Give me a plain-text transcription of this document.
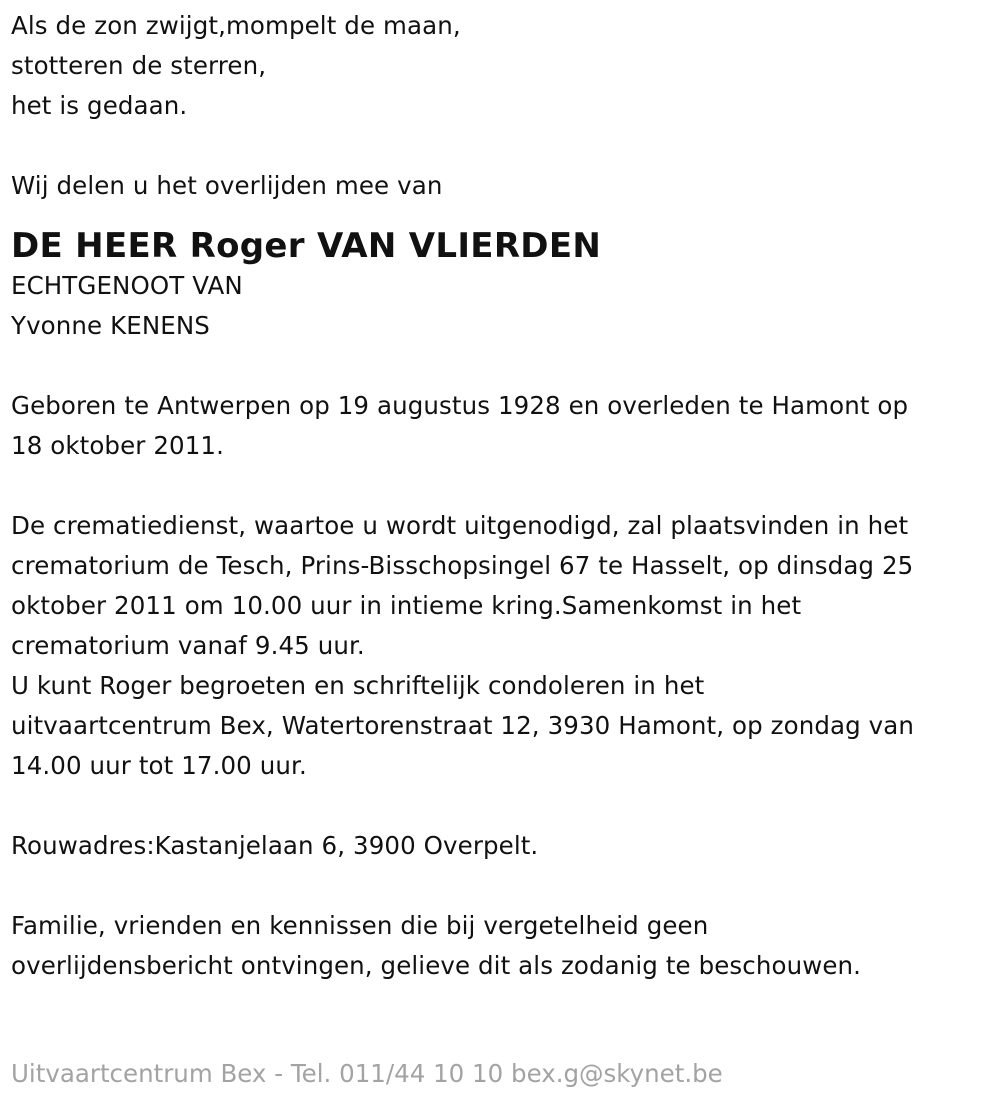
Als de zon zwijgt,mompelt de maan,
stotteren de sterren,
het is gedaan.
Wij delen u het overlijden mee van
DE HEER Roger VAN VLIERDEN
ECHTGENOOT VAN
Yvonne KENENS
Geboren te Antwerpen op 19 augustus 1928 en overleden te Hamont op
18 oktober 2011.
De crematiedienst, waartoe u wordt uitgenodigd, zal plaatsvinden in het
crematorium de Tesch, Prins-Bisschopsingel 67 te Hasselt, op dinsdag 25
oktober 2011 om 10.00 uur in intieme kring.Samenkomst in het
crematorium vanaf 9.45 uur.
U kunt Roger begroeten en schriftelijk condoleren in het
uitvaartcentrum Bex, Watertorenstraat 12, 3930 Hamont, op zondag van
14.00 uur tot 17.00 uur.
Rouwadres:Kastanjelaan 6, 3900 Overpelt.
Familie, vrienden en kennissen die bij vergetelheid geen
overlijdensbericht ontvingen, gelieve dit als zodanig te beschouwen.
Uitvaartcentrum Bex - Tel. 011/44 10 10 bex.g@skynet.be
